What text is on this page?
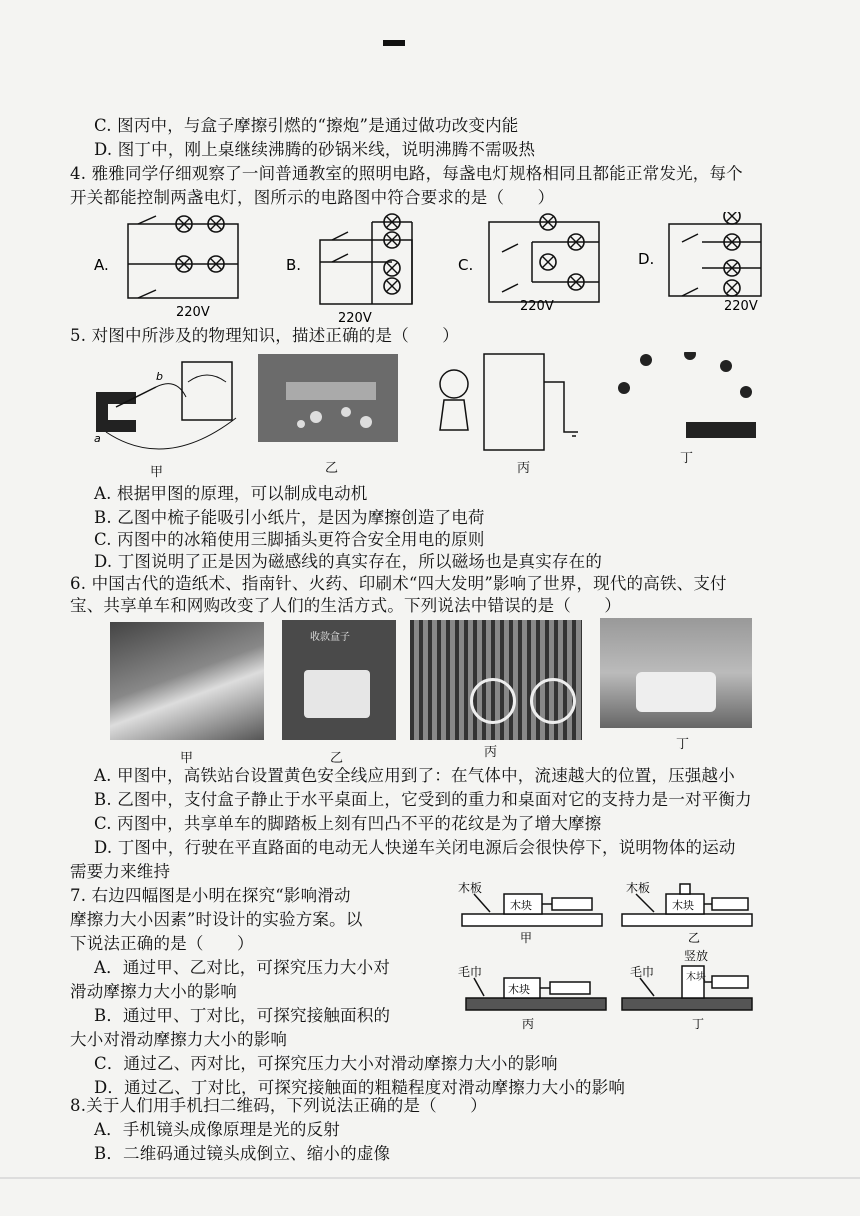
C. 图丙中，与盒子摩擦引燃的“擦炮”是通过做功改变内能
D. 图丁中，刚上桌继续沸腾的砂锅米线，说明沸腾不需吸热
4. 雅雅同学仔细观察了一间普通教室的照明电路，每盏电灯规格相同且都能正常发光，每个
开关都能控制两盏电灯，图所示的电路图中符合要求的是（　　）
A.
220V
B.
220V
C.
220V
D.
220V
5. 对图中所涉及的物理知识，描述正确的是（　　）
a
b
甲	乙	丙
丁
A. 根据甲图的原理，可以制成电动机
B. 乙图中梳子能吸引小纸片，是因为摩擦创造了电荷
C. 丙图中的冰箱使用三脚插头更符合安全用电的原则
D. 丁图说明了正是因为磁感线的真实存在，所以磁场也是真实存在的
6. 中国古代的造纸术、指南针、火药、印刷术“四大发明”影响了世界，现代的高铁、支付
宝、共享单车和网购改变了人们的生活方式。下列说法中错误的是（　　）
收款盒子
甲	乙	丙
丁
A. 甲图中，高铁站台设置黄色安全线应用到了：在气体中，流速越大的位置，压强越小
B. 乙图中，支付盒子静止于水平桌面上，它受到的重力和桌面对它的支持力是一对平衡力
C. 丙图中，共享单车的脚踏板上刻有凹凸不平的花纹是为了增大摩擦
D. 丁图中，行驶在平直路面的电动无人快递车关闭电源后会很快停下，说明物体的运动
需要力来维持
7. 右边四幅图是小明在探究“影响滑动
摩擦力大小因素”时设计的实验方案。以
下说法正确的是（　　）
A．通过甲、乙对比，可探究压力大小对
滑动摩擦力大小的影响
B．通过甲、丁对比，可探究接触面积的
大小对滑动摩擦力大小的影响
C．通过乙、丙对比，可探究压力大小对滑动摩擦力大小的影响
D．通过乙、丁对比，可探究接触面的粗糙程度对滑动摩擦力大小的影响
木板
木块
甲
木板
木块
乙
毛巾
木块
丙
竖放
毛巾	木块
丁
8.关于人们用手机扫二维码，下列说法正确的是（　　）
A．手机镜头成像原理是光的反射
B．二维码通过镜头成倒立、缩小的虚像
